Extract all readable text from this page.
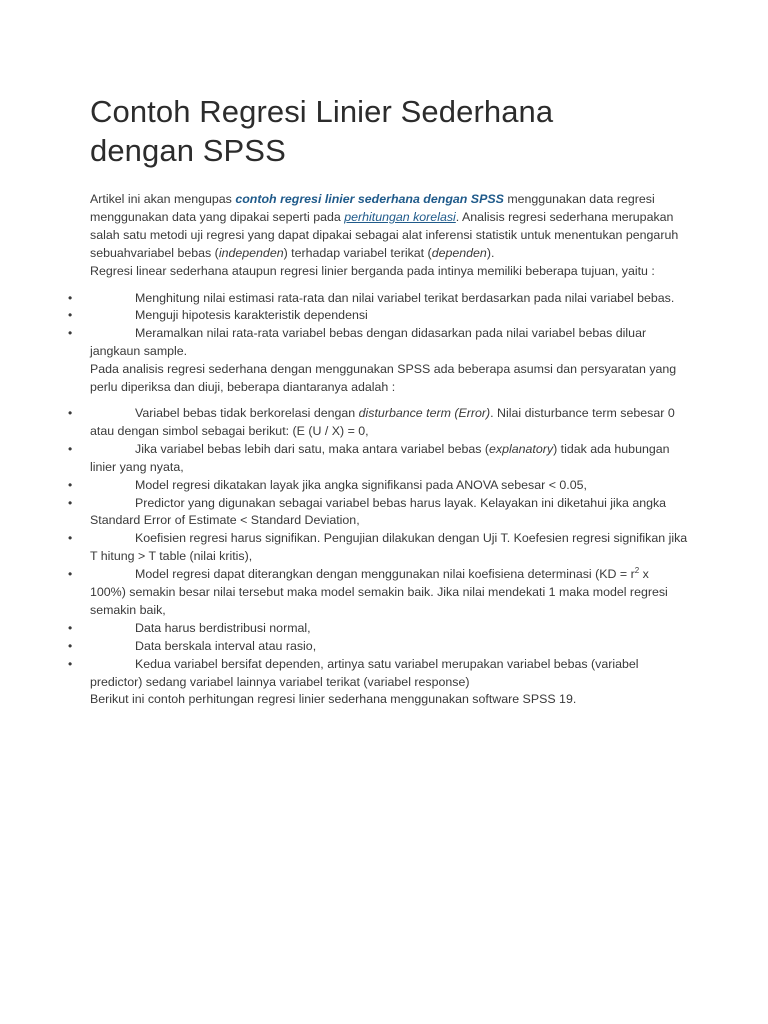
Contoh Regresi Linier Sederhana
dengan SPSS

Artikel ini akan mengupas contoh regresi linier sederhana dengan SPSS menggunakan data regresi menggunakan data yang dipakai seperti pada perhitungan korelasi. Analisis regresi sederhana merupakan salah satu metodi uji regresi yang dapat dipakai sebagai alat inferensi statistik untuk menentukan pengaruh sebuahvariabel bebas (independen) terhadap variabel terikat (dependen).
Regresi linear sederhana ataupun regresi linier berganda pada intinya memiliki beberapa tujuan, yaitu :

•	Menghitung nilai estimasi rata-rata dan nilai variabel terikat berdasarkan pada nilai variabel bebas.
•	Menguji hipotesis karakteristik dependensi
•	Meramalkan nilai rata-rata variabel bebas dengan didasarkan pada nilai variabel bebas diluar jangkaun sample.
Pada analisis regresi sederhana dengan menggunakan SPSS ada beberapa asumsi dan persyaratan yang perlu diperiksa dan diuji, beberapa diantaranya adalah :
•	Variabel bebas tidak berkorelasi dengan disturbance term (Error). Nilai disturbance term sebesar 0 atau dengan simbol sebagai berikut: (E (U / X) = 0,
•	Jika variabel bebas lebih dari satu, maka antara variabel bebas (explanatory) tidak ada hubungan linier yang nyata,
•	Model regresi dikatakan layak jika angka signifikansi pada ANOVA sebesar < 0.05,
•	Predictor yang digunakan sebagai variabel bebas harus layak. Kelayakan ini diketahui jika angka Standard Error of Estimate < Standard Deviation,
•	Koefisien regresi harus signifikan. Pengujian dilakukan dengan Uji T. Koefesien regresi signifikan jika T hitung > T table (nilai kritis),
•	Model regresi dapat diterangkan dengan menggunakan nilai koefisiena determinasi ($KD = r^2$ x 100%) semakin besar nilai tersebut maka model semakin baik. Jika nilai mendekati 1 maka model regresi semakin baik,
•	Data harus berdistribusi normal,
•	Data berskala interval atau rasio,
•	Kedua variabel bersifat dependen, artinya satu variabel merupakan variabel bebas (variabel predictor) sedang variabel lainnya variabel terikat (variabel response)
Berikut ini contoh perhitungan regresi linier sederhana menggunakan software SPSS 19.
